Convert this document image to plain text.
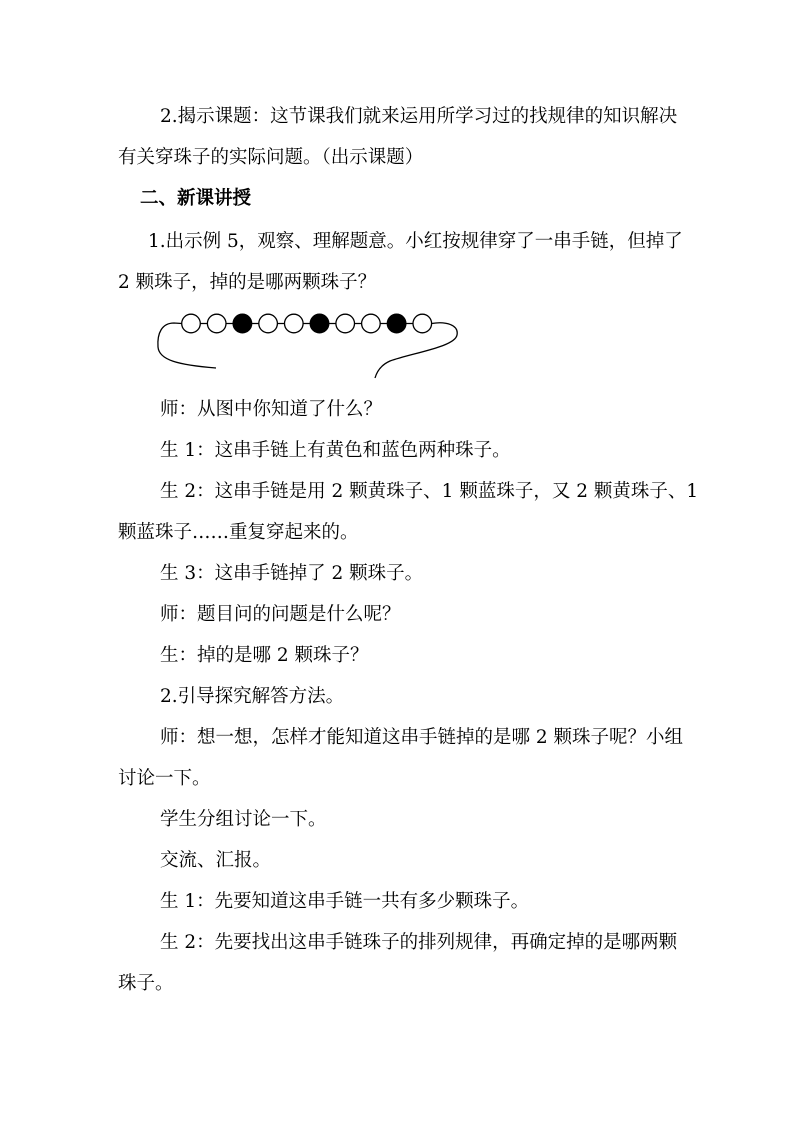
2.揭示课题：这节课我们就来运用所学习过的找规律的知识解决
有关穿珠子的实际问题。（出示课题）
二、新课讲授
1.出示例 5，观察、理解题意。小红按规律穿了一串手链，但掉了
2 颗珠子，掉的是哪两颗珠子？
师：从图中你知道了什么？
生 1：这串手链上有黄色和蓝色两种珠子。
生 2：这串手链是用 2 颗黄珠子、1 颗蓝珠子，又 2 颗黄珠子、1
颗蓝珠子……重复穿起来的。
生 3：这串手链掉了 2 颗珠子。
师：题目问的问题是什么呢？
生：掉的是哪 2 颗珠子？
2.引导探究解答方法。
师：想一想，怎样才能知道这串手链掉的是哪 2 颗珠子呢？小组
讨论一下。
学生分组讨论一下。
交流、汇报。
生 1：先要知道这串手链一共有多少颗珠子。
生 2：先要找出这串手链珠子的排列规律，再确定掉的是哪两颗
珠子。
